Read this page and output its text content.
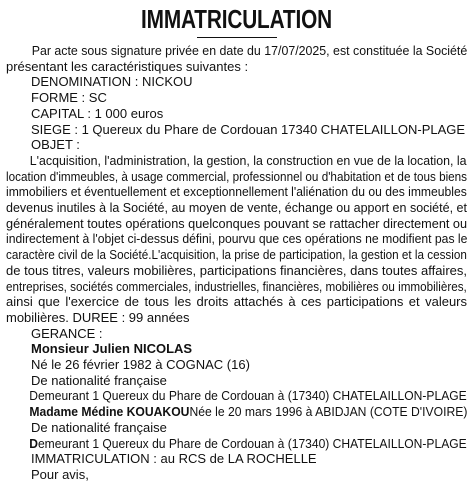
IMMATRICULATION
Par acte sous signature privée en date du 17/07/2025, est constituée la Société
présentant les caractéristiques suivantes :
DENOMINATION : NICKOU
FORME : SC
CAPITAL : 1 000 euros
SIEGE : 1 Quereux du Phare de Cordouan 17340 CHATELAILLON-PLAGE
OBJET :
L'acquisition, l'administration, la gestion, la construction en vue de la location, la
location d'immeubles, à usage commercial, professionnel ou d'habitation et de tous biens
immobiliers et éventuellement et exceptionnellement l'aliénation du ou des immeubles
devenus inutiles à la Société, au moyen de vente, échange ou apport en société, et
généralement toutes opérations quelconques pouvant se rattacher directement ou
indirectement à l'objet ci-dessus défini, pourvu que ces opérations ne modifient pas le
caractère civil de la Société.L'acquisition, la prise de participation, la gestion et la cession
de tous titres, valeurs mobilières, participations financières, dans toutes affaires,
entreprises, sociétés commerciales, industrielles, financières, mobilières ou immobilières,
ainsi que l'exercice de tous les droits attachés à ces participations et valeurs
mobilières. DUREE : 99 années
GERANCE :
Monsieur Julien NICOLAS
Né le 26 février 1982 à COGNAC (16)
De nationalité française
Demeurant 1 Quereux du Phare de Cordouan à (17340) CHATELAILLON-PLAGE
Madame Médine KOUAKOUNée le 20 mars 1996 à ABIDJAN (COTE D'IVOIRE)
De nationalité française
Demeurant 1 Quereux du Phare de Cordouan à (17340) CHATELAILLON-PLAGE
IMMATRICULATION : au RCS de LA ROCHELLE
Pour avis,
